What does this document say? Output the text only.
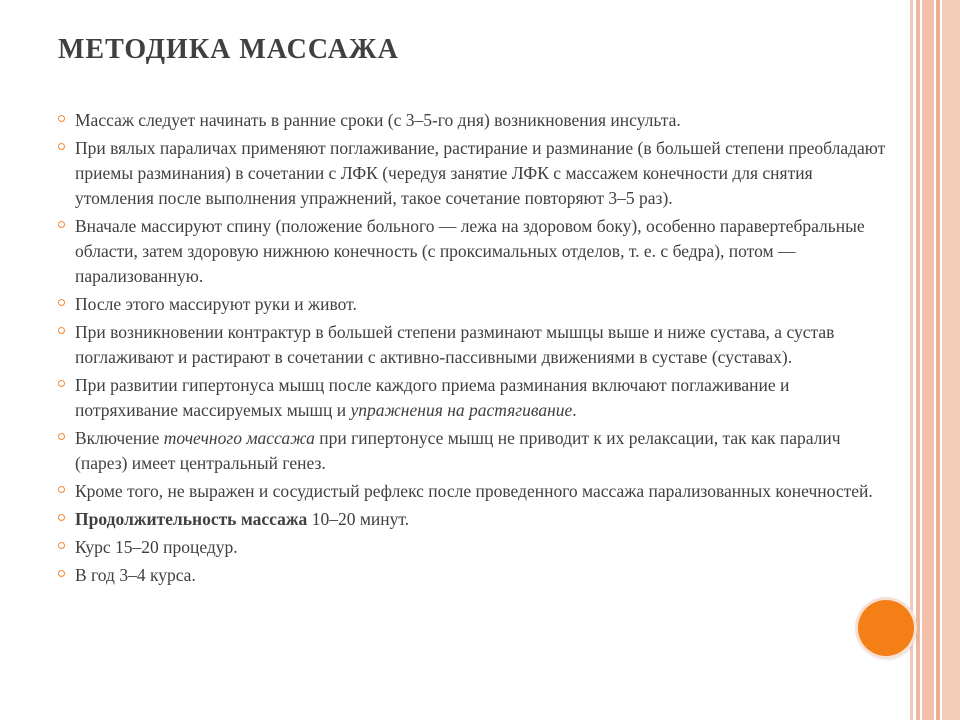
МЕТОДИКА МАССАЖА
Массаж следует начинать в ранние сроки (с 3–5-го дня) возникновения инсульта.
При вялых параличах применяют поглаживание, растирание и разминание (в большей степени преобладают приемы разминания) в сочетании с ЛФК (чередуя занятие ЛФК с массажем конечности для снятия утомления после выполнения упражнений, такое сочетание повторяют 3–5 раз).
Вначале массируют спину (положение больного — лежа на здоровом боку), особенно паравертебральные области, затем здоровую нижнюю конечность (с проксимальных отделов, т. е. с бедра), потом — парализованную.
После этого массируют руки и живот.
При возникновении контрактур в большей степени разминают мышцы выше и ниже сустава, а сустав поглаживают и растирают в сочетании с активно-пассивными движениями в суставе (суставах).
При развитии гипертонуса мышц после каждого приема разминания включают поглаживание и потряхивание массируемых мышц и упражнения на растягивание.
Включение точечного массажа при гипертонусе мышц не приводит к их релаксации, так как паралич (парез) имеет центральный генез.
Кроме того, не выражен и сосудистый рефлекс после проведенного массажа парализованных конечностей.
Продолжительность массажа 10–20 минут.
Курс 15–20 процедур.
В год 3–4 курса.
